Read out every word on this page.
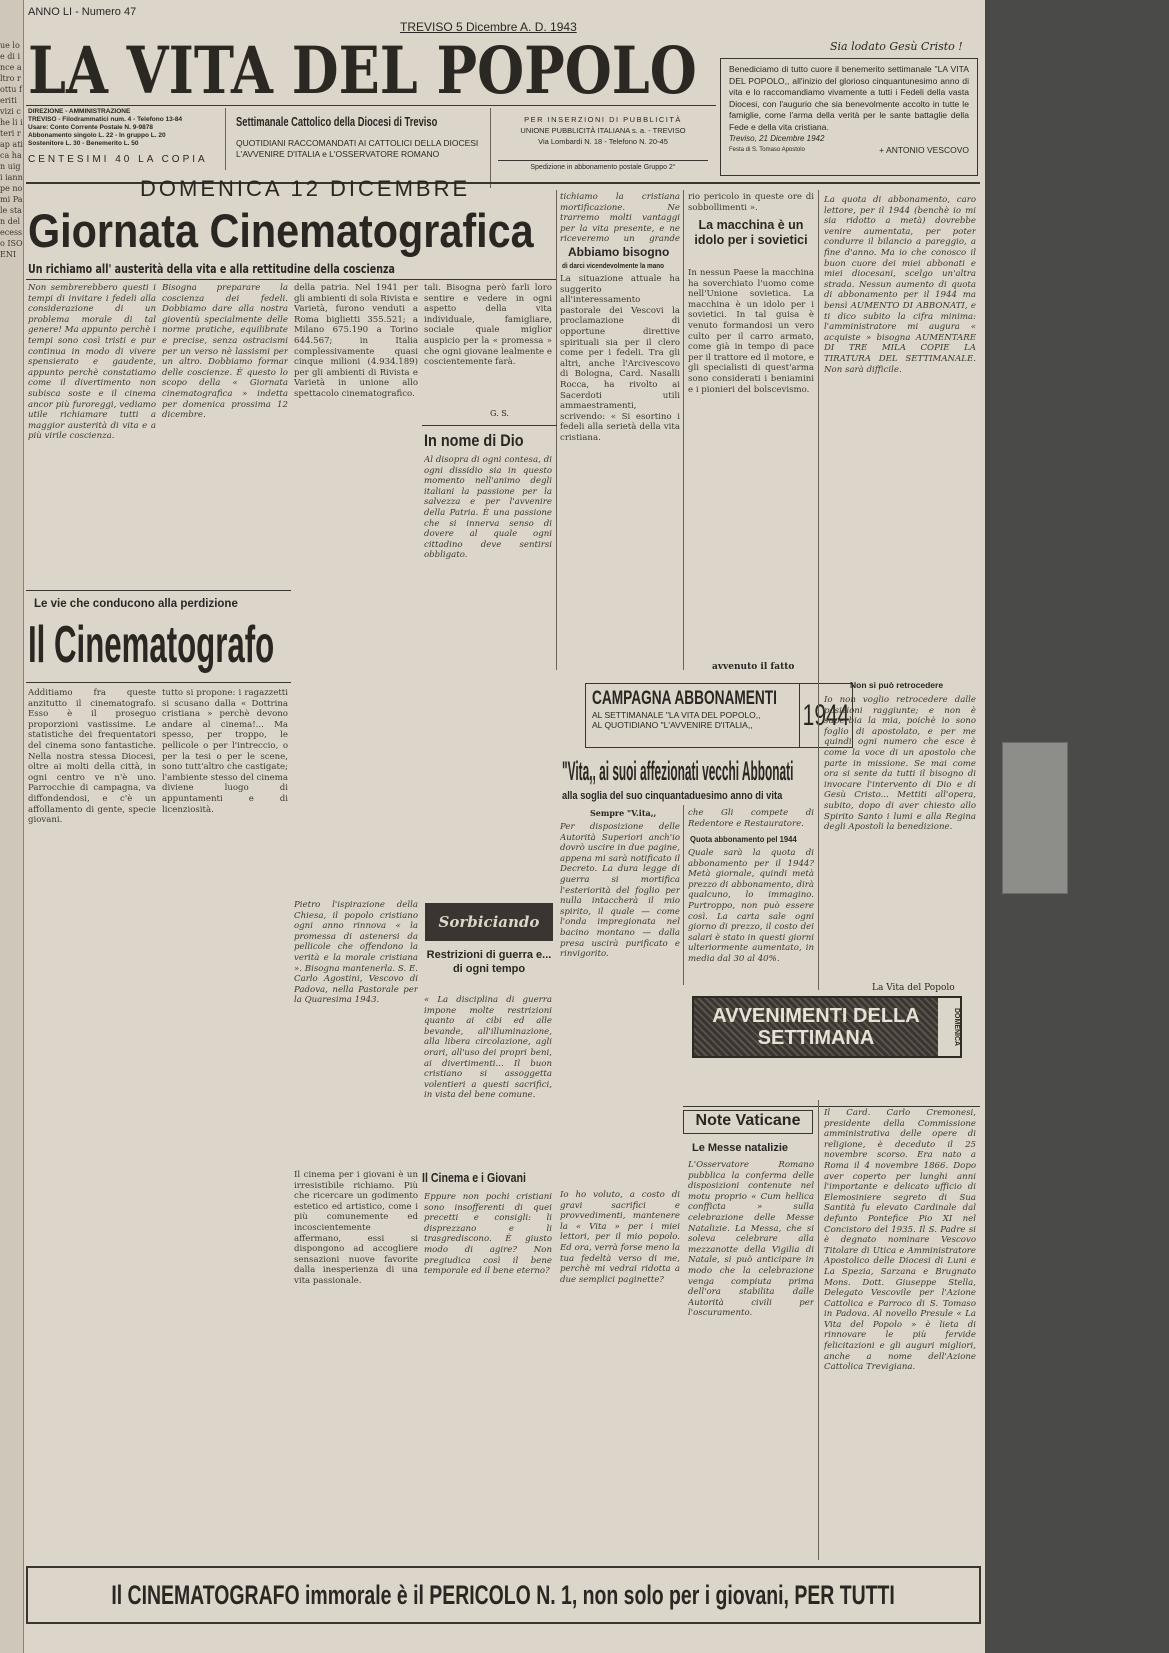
ue lo e di ince altro rottu feriti vizi che li iteri rap atica han uigi iann pe nomi Pale stan del ecesso ISO ENI
ANNO LI - Numero 47
TREVISO 5 Dicembre A. D. 1943
LA VITA DEL POPOLO	Sia lodato Gesù Cristo !
DIREZIONE - AMMINISTRAZIONE
TREVISO - Filodrammatici num. 4 - Telefono 13-84
Usare: Conto Corrente Postale N. 9-9878
Abbonamento singolo L. 22 - In gruppo L. 20
Sostenitore L. 30 - Benemerito L. 50
CENTESIMI 40 LA COPIA
Settimanale Cattolico della Diocesi di Treviso
QUOTIDIANI RACCOMANDATI AI CATTOLICI DELLA DIOCESI L'AVVENIRE D'ITALIA e L'OSSERVATORE ROMANO
PER INSERZIONI DI PUBBLICITÀ
UNIONE PUBBLICITÀ ITALIANA s. a. - TREVISO
Via Lombardi N. 18 - Telefono N. 20-45
Spedizione in abbonamento postale Gruppo 2°
Benediciamo di tutto cuore il benemerito settimanale "LA VITA DEL POPOLO,, all'inizio del glorioso cinquantunesimo anno di vita e lo raccomandiamo vivamente a tutti i Fedeli della vasta Diocesi, con l'augurio che sia benevolmente accolto in tutte le famiglie, come l'arma della verità per le sante battaglie della Fede e della vita cristiana.
Treviso, 21 Dicembre 1942
Festa di S. Tomaso Apostolo	+ ANTONIO VESCOVO
DOMENICA 12 DICEMBRE
Giornata Cinematografica
Un richiamo all' austerità della vita e alla rettitudine della coscienza
Non sembrerebbero questi i tempi di invitare i fedeli alla considerazione di un problema morale di tal genere! Ma appunto perchè i tempi sono così tristi e pur continua in modo di vivere spensierato e gaudente, appunto perchè constatiamo come il divertimento non subisca soste e il cinema ancor più furoreggi, vediamo utile richiamare tutti a maggior austerità di vita e a più virile coscienza.
Bisogna preparare la coscienza dei fedeli. Dobbiamo dare alla nostra gioventù specialmente delle norme pratiche, equilibrate e precise, senza ostracismi per un verso nè lassismi per un altro. Dobbiamo formar delle coscienze. È questo lo scopo della « Giornata cinematografica » indetta per domenica prossima 12 dicembre.
della patria. Nel 1941 per gli ambienti di sola Rivista e Varietà, furono venduti a Roma biglietti 355.521; a Milano 675.190 a Torino 644.567; in Italia complessivamente quasi cinque milioni (4.934.189) per gli ambienti di Rivista e Varietà in unione allo spettacolo cinematografico.
tali. Bisogna però farli loro sentire e vedere in ogni aspetto della vita individuale, famigliare, sociale quale miglior auspicio per la « promessa » che ogni giovane lealmente e coscientemente farà.
tichiamo la cristiana mortificazione. Ne trarremo molti vantaggi per la vita presente, e ne riceveremo un grande
Abbiamo bisogno
di darci vicendevolmente la mano
La situazione attuale ha suggerito all'interessamento pastorale dei Vescovi la proclamazione di opportune direttive spirituali sia per il clero come per i fedeli. Tra gli altri, anche l'Arcivescovo di Bologna, Card. Nasalli Rocca, ha rivolto ai Sacerdoti utili ammaestramenti, scrivendo: « Si esortino i fedeli alla serietà della vita cristiana.
G. S.
In nome di Dio
Al disopra di ogni contesa, di ogni dissidio sia in questo momento nell'animo degli italiani la passione per la salvezza e per l'avvenire della Patria. È una passione che si innerva senso di dovere al quale ogni cittadino deve sentirsi obbligato.
rio pericolo in queste ore di sobbollimenti ».
La macchina è un idolo per i sovietici
In nessun Paese la macchina ha soverchiato l'uomo come nell'Unione sovietica. La macchina è un idolo per i sovietici. In tal guisa è venuto formandosi un vero culto per il carro armato, come già in tempo di pace per il trattore ed il motore, e gli specialisti di quest'arma sono considerati i beniamini e i pionieri del bolscevismo.
avvenuto il fatto
CAMPAGNA ABBONAMENTI
AL SETTIMANALE "LA VITA DEL POPOLO,,
AL QUOTIDIANO "L'AVVENIRE D'ITALIA,,	1944
"Vita,, ai suoi affezionati vecchi Abbonati
alla soglia del suo cinquantaduesimo anno di vita
Sempre "V.ita,,
Per disposizione delle Autorità Superiori anch'io dovrò uscire in due pagine, appena mi sarà notificato il Decreto. La dura legge di guerra si mortifica l'esteriorità del foglio per nulla intaccherà il mio spirito, il quale — come l'onda impregionata nel bacino montano — dalla presa uscirà purificato e rinvigorito.
che Gli compete di Redentore e Restauratore.
Quota abbonamento pel 1944
Quale sarà la quota di abbonamento per il 1944? Metà giornale, quindi metà prezzo di abbonamento, dirà qualcuno, lo immagino. Purtroppo, non può essere così. La carta sale ogni giorno di prezzo, il costo dei salari è stato in questi giorni ulteriormente aumentato, in media dal 30 al 40%.
La quota di abbonamento, caro lettore, per il 1944 (benchè io mi sia ridotto a metà) dovrebbe venire aumentata, per poter condurre il bilancio a pareggio, a fine d'anno. Ma io che conosco il buon cuore dei miei abbonati e miei diocesani, scelgo un'altra strada. Nessun aumento di quota di abbonamento per il 1944 ma bensì AUMENTO DI ABBONATI, e ti dico subito la cifra minima: l'amministratore mi augura « acquiste » bisogna AUMENTARE DI TRE MILA COPIE LA TIRATURA DEL SETTIMANALE. Non sarà difficile.
Non si può retrocedere
Io non voglio retrocedere dalle posizioni raggiunte; e non è superbia la mia, poichè io sono foglio di apostolato, e per me quindi ogni numero che esce è come la voce di un apostolo che parte in missione. Se mai come ora si sente da tutti il bisogno di invocare l'intervento di Dio e di Gesù Cristo... Mettiti all'opera, subito, dopo di aver chiesto allo Spirito Santo i lumi e alla Regina degli Apostoli la benedizione.
La Vita del Popolo
AVVENIMENTI DELLA SETTIMANA	DOMENICA
Note Vaticane
Le Messe natalizie
L'Osservatore Romano pubblica la conferma delle disposizioni contenute nel motu proprio « Cum hellica confficta » sulla celebrazione delle Messe Natalizie. La Messa, che si soleva celebrare alla mezzanotte della Vigilia di Natale, si può anticipare in modo che la celebrazione venga compiuta prima dell'ora stabilita dalle Autorità civili per l'oscuramento.
Il Card. Carlo Cremonesi, presidente della Commissione amministrativa delle opere di religione, è deceduto il 25 novembre scorso. Era nato a Roma il 4 novembre 1866. Dopo aver coperto per lunghi anni l'importante e delicato ufficio di Elemosiniere segreto di Sua Santità fu elevato Cardinale dal defunto Pontefice Pio XI nel Concistoro del 1935. Il S. Padre si è degnato nominare Vescovo Titolare di Utica e Amministratore Apostolico delle Diocesi di Luni e La Spezia, Sarzana e Brugnato Mons. Dott. Giuseppe Stella, Delegato Vescovile per l'Azione Cattolica e Parroco di S. Tomaso in Padova. Al novello Presule « La Vita del Popolo » è lieta di rinnovare le più fervide felicitazioni e gli auguri migliori, anche a nome dell'Azione Cattolica Trevigiana.
Le vie che conducono alla perdizione
Il Cinematografo
Additiamo fra queste anzitutto il cinematografo. Esso è il proseguo proporzioni vastissime. Le statistiche dei frequentatori del cinema sono fantastiche. Nella nostra stessa Diocesi, oltre ai molti della città, in ogni centro ve n'è uno. Parrocchie di campagna, va diffondendosi, e c'è un affollamento di gente, specie giovani.
tutto si propone: i ragazzetti si scusano dalla « Dottrina cristiana » perchè devono andare al cinema!... Ma spesso, per troppo, le pellicole o per l'intreccio, o per la tesi o per le scene, sono tutt'altro che castigate; l'ambiente stesso del cinema diviene luogo di appuntamenti e di licenziosità.
Pietro l'ispirazione della Chiesa, il popolo cristiano ogni anno rinnova « la promessa di astenersi da pellicole che offendono la verità e la morale cristiana ». Bisogna mantenerla. S. E. Carlo Agostini, Vescovo di Padova, nella Pastorale per la Quaresima 1943.
Il cinema per i giovani è un irresistibile richiamo. Più che ricercare un godimento estetico ed artistico, come i più comunemente ed incoscientemente affermano, essi si dispongono ad accogliere sensazioni nuove favorite dalla inesperienza di una vita passionale.
Sorbiciando
Restrizioni di guerra e... di ogni tempo
« La disciplina di guerra impone molte restrizioni quanto ai cibi ed alle bevande, all'illuminazione, alla libera circolazione, agli orari, all'uso dei propri beni, ai divertimenti... Il buon cristiano si assoggetta volentieri a questi sacrifici, in vista del bene comune.
Il Cinema e i Giovani
Eppure non pochi cristiani sono insofferenti di quei precetti e consigli: li disprezzano e li trasgrediscono. È giusto modo di agire? Non pregiudica così il bene temporale ed il bene eterno?
Io ho voluto, a costo di gravi sacrifici e provvedimenti, mantenere la « Vita » per i miei lettori, per il mio popolo. Ed ora, verrà forse meno la tua fedeltà verso di me, perchè mi vedrai ridotta a due semplici paginette?
Il CINEMATOGRAFO immorale è il PERICOLO N. 1, non solo per i giovani, PER TUTTI
